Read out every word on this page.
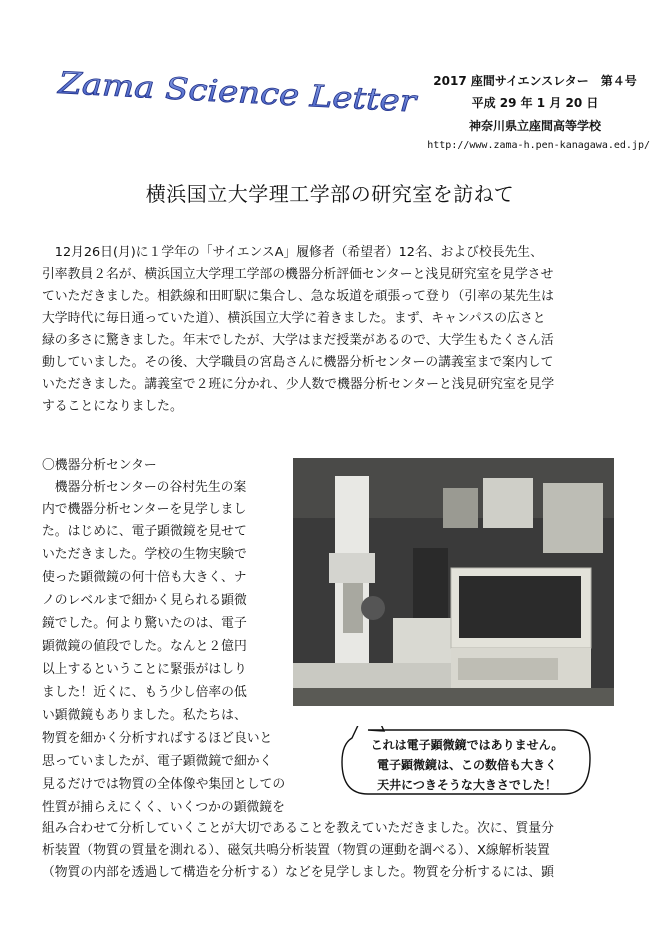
Zama Science Letter	2017 座間サイエンスレター　第４号
平成 29 年 1 月 20 日
神奈川県立座間高等学校
http://www.zama-h.pen-kanagawa.ed.jp/
横浜国立大学理工学部の研究室を訪ねて
　12月26日(月)に１学年の「サイエンスA」履修者（希望者）12名、および校長先生、
引率教員２名が、横浜国立大学理工学部の機器分析評価センターと浅見研究室を見学させ
ていただきました。相鉄線和田町駅に集合し、急な坂道を頑張って登り（引率の某先生は
大学時代に毎日通っていた道）、横浜国立大学に着きました。まず、キャンパスの広さと
緑の多さに驚きました。年末でしたが、大学はまだ授業があるので、大学生もたくさん活
動していました。その後、大学職員の宮島さんに機器分析センターの講義室まで案内して
いただきました。講義室で２班に分かれ、少人数で機器分析センターと浅見研究室を見学
することになりました。
〇機器分析センター
　機器分析センターの谷村先生の案
内で機器分析センターを見学しまし
た。はじめに、電子顕微鏡を見せて
いただきました。学校の生物実験で
使った顕微鏡の何十倍も大きく、ナ
ノのレベルまで細かく見られる顕微
鏡でした。何より驚いたのは、電子
顕微鏡の値段でした。なんと２億円
以上するということに緊張がはしり
ました！近くに、もう少し倍率の低
い顕微鏡もありました。私たちは、
物質を細かく分析すればするほど良いと
思っていましたが、電子顕微鏡で細かく
見るだけでは物質の全体像や集団としての
性質が捕らえにくく、いくつかの顕微鏡を
これは電子顕微鏡ではありません。
電子顕微鏡は、この数倍も大きく
天井につきそうな大きさでした！
組み合わせて分析していくことが大切であることを教えていただきました。次に、質量分
析装置（物質の質量を測れる）、磁気共鳴分析装置（物質の運動を調べる）、X線解析装置
（物質の内部を透過して構造を分析する）などを見学しました。物質を分析するには、顕
